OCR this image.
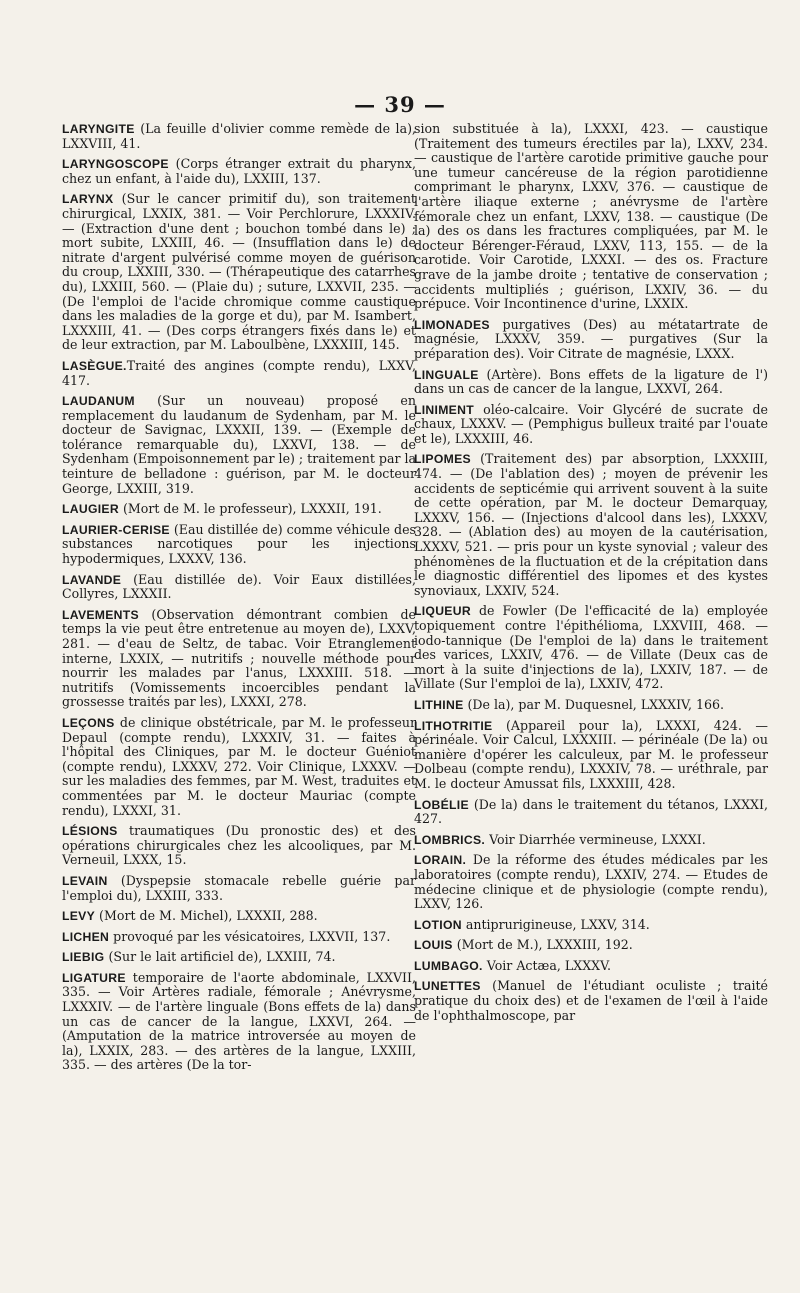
— 39 —

LARYNGITE (La feuille d'olivier comme remède de la), LXXVIII, 41.

LARYNGOSCOPE (Corps étranger extrait du pharynx, chez un enfant, à l'aide du), LXXIII, 137.

LARYNX (Sur le cancer primitif du), son traitement chirurgical, LXXIX, 381. — Voir Perchlorure, LXXXIV. — (Extraction d'une dent ; bouchon tombé dans le) ; mort subite, LXXIII, 46. — (Insufflation dans le) de nitrate d'argent pulvérisé comme moyen de guérison du croup, LXXIII, 330. — (Thérapeutique des catarrhes du), LXXIII, 560. — (Plaie du) ; suture, LXXVII, 235. — (De l'emploi de l'acide chromique comme caustique dans les maladies de la gorge et du), par M. Isambert, LXXXIII, 41. — (Des corps étrangers fixés dans le) et de leur extraction, par M. Laboulbène, LXXXIII, 145.

LASÈGUE.Traité des angines (compte rendu), LXXV, 417.

LAUDANUM (Sur un nouveau) proposé en remplacement du laudanum de Sydenham, par M. le docteur de Savignac, LXXXII, 139. — (Exemple de tolérance remarquable du), LXXVI, 138. — de Sydenham (Empoisonnement par le) ; traitement par la teinture de belladone : guérison, par M. le docteur George, LXXIII, 319.

LAUGIER (Mort de M. le professeur), LXXXII, 191.

LAURIER-CERISE (Eau distillée de) comme véhicule des substances narcotiques pour les injections hypodermiques, LXXXV, 136.

LAVANDE (Eau distillée de). Voir Eaux distillées, Collyres, LXXXII.

LAVEMENTS (Observation démontrant combien de temps la vie peut être entretenue au moyen de), LXXV, 281. — d'eau de Seltz, de tabac. Voir Etranglement interne, LXXIX, — nutritifs ; nouvelle méthode pour nourrir les malades par l'anus, LXXXIII. 518. — nutritifs (Vomissements incoercibles pendant la grossesse traités par les), LXXXI, 278.

LEÇONS de clinique obstétricale, par M. le professeur Depaul (compte rendu), LXXXIV, 31. — faites à l'hôpital des Cliniques, par M. le docteur Guéniot (compte rendu), LXXXV, 272. Voir Clinique, LXXXV. — sur les maladies des femmes, par M. West, traduites et commentées par M. le docteur Mauriac (compte rendu), LXXXI, 31.

LÉSIONS traumatiques (Du pronostic des) et des opérations chirurgicales chez les alcooliques, par M. Verneuil, LXXX, 15.

LEVAIN (Dyspepsie stomacale rebelle guérie par l'emploi du), LXXIII, 333.

LEVY (Mort de M. Michel), LXXXII, 288.

LICHEN provoqué par les vésicatoires, LXXVII, 137.

LIEBIG (Sur le lait artificiel de), LXXIII, 74.

LIGATURE temporaire de l'aorte abdominale, LXXVII, 335. — Voir Artères radiale, fémorale ; Anévrysme, LXXXIV. — de l'artère linguale (Bons effets de la) dans un cas de cancer de la langue, LXXVI, 264. — (Amputation de la matrice introversée au moyen de la), LXXIX, 283. — des artères de la langue, LXXIII, 335. — des artères (De la tor-

sion substituée à la), LXXXI, 423. — caustique (Traitement des tumeurs érectiles par la), LXXV, 234. — caustique de l'artère carotide primitive gauche pour une tumeur cancéreuse de la région parotidienne comprimant le pharynx, LXXV, 376. — caustique de l'artère iliaque externe ; anévrysme de l'artère fémorale chez un enfant, LXXV, 138. — caustique (De la) des os dans les fractures compliquées, par M. le docteur Bérenger-Féraud, LXXV, 113, 155. — de la carotide. Voir Carotide, LXXXI. — des os. Fracture grave de la jambe droite ; tentative de conservation ; accidents multipliés ; guérison, LXXIV, 36. — du prépuce. Voir Incontinence d'urine, LXXIX.

LIMONADES purgatives (Des) au métatartrate de magnésie, LXXXV, 359. — purgatives (Sur la préparation des). Voir Citrate de magnésie, LXXX.

LINGUALE (Artère). Bons effets de la ligature de l') dans un cas de cancer de la langue, LXXVI, 264.

LINIMENT oléo-calcaire. Voir Glycéré de sucrate de chaux, LXXXV. — (Pemphigus bulleux traité par l'ouate et le), LXXXIII, 46.

LIPOMES (Traitement des) par absorption, LXXXIII, 474. — (De l'ablation des) ; moyen de prévenir les accidents de septicémie qui arrivent souvent à la suite de cette opération, par M. le docteur Demarquay, LXXXV, 156. — (Injections d'alcool dans les), LXXXV, 328. — (Ablation des) au moyen de la cautérisation, LXXXV, 521. — pris pour un kyste synovial ; valeur des phénomènes de la fluctuation et de la crépitation dans le diagnostic différentiel des lipomes et des kystes synoviaux, LXXIV, 524.

LIQUEUR de Fowler (De l'efficacité de la) employée topiquement contre l'épithélioma, LXXVIII, 468. — iodo-tannique (De l'emploi de la) dans le traitement des varices, LXXIV, 476. — de Villate (Deux cas de mort à la suite d'injections de la), LXXIV, 187. — de Villate (Sur l'emploi de la), LXXIV, 472.

LITHINE (De la), par M. Duquesnel, LXXXIV, 166.

LITHOTRITIE (Appareil pour la), LXXXI, 424. — périnéale. Voir Calcul, LXXXIII. — périnéale (De la) ou manière d'opérer les calculeux, par M. le professeur Dolbeau (compte rendu), LXXXIV, 78. — uréthrale, par M. le docteur Amussat fils, LXXXIII, 428.

LOBÉLIE (De la) dans le traitement du tétanos, LXXXI, 427.

LOMBRICS. Voir Diarrhée vermineuse, LXXXI.

LORAIN. De la réforme des études médicales par les laboratoires (compte rendu), LXXIV, 274. — Etudes de médecine clinique et de physiologie (compte rendu), LXXV, 126.

LOTION antiprurigineuse, LXXV, 314.

LOUIS (Mort de M.), LXXXIII, 192.

LUMBAGO. Voir Actæa, LXXXV.

LUNETTES (Manuel de l'étudiant oculiste ; traité pratique du choix des) et de l'examen de l'œil à l'aide de l'ophthalmoscope, par
